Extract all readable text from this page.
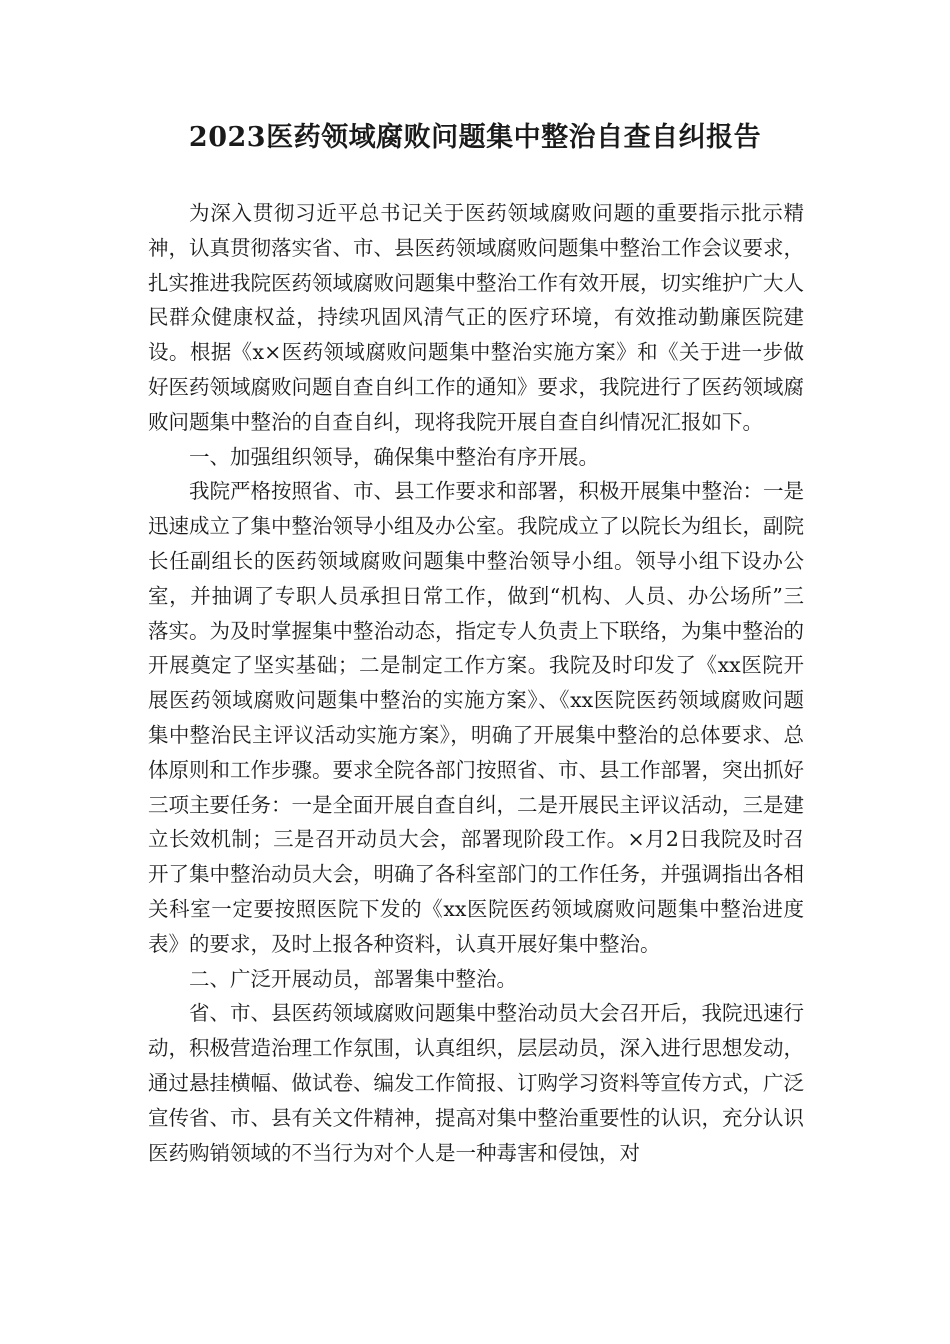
2023医药领域腐败问题集中整治自查自纠报告

为深入贯彻习近平总书记关于医药领域腐败问题的重要指示批示精神，认真贯彻落实省、市、县医药领域腐败问题集中整治工作会议要求，扎实推进我院医药领域腐败问题集中整治工作有效开展，切实维护广大人民群众健康权益，持续巩固风清气正的医疗环境，有效推动勤廉医院建设。根据《x×医药领域腐败问题集中整治实施方案》和《关于进一步做好医药领域腐败问题自查自纠工作的通知》要求，我院进行了医药领域腐败问题集中整治的自查自纠，现将我院开展自查自纠情况汇报如下。

一、加强组织领导，确保集中整治有序开展。

我院严格按照省、市、县工作要求和部署，积极开展集中整治：一是迅速成立了集中整治领导小组及办公室。我院成立了以院长为组长，副院长任副组长的医药领域腐败问题集中整治领导小组。领导小组下设办公室，并抽调了专职人员承担日常工作，做到“机构、人员、办公场所”三落实。为及时掌握集中整治动态，指定专人负责上下联络，为集中整治的开展奠定了坚实基础；二是制定工作方案。我院及时印发了《xx医院开展医药领域腐败问题集中整治的实施方案》、《xx医院医药领域腐败问题集中整治民主评议活动实施方案》，明确了开展集中整治的总体要求、总体原则和工作步骤。要求全院各部门按照省、市、县工作部署，突出抓好三项主要任务：一是全面开展自查自纠，二是开展民主评议活动，三是建立长效机制；三是召开动员大会，部署现阶段工作。×月2日我院及时召开了集中整治动员大会，明确了各科室部门的工作任务，并强调指出各相关科室一定要按照医院下发的《xx医院医药领域腐败问题集中整治进度表》的要求，及时上报各种资料，认真开展好集中整治。

二、广泛开展动员，部署集中整治。

省、市、县医药领域腐败问题集中整治动员大会召开后，我院迅速行动，积极营造治理工作氛围，认真组织，层层动员，深入进行思想发动，通过悬挂横幅、做试卷、编发工作简报、订购学习资料等宣传方式，广泛宣传省、市、县有关文件精神，提高对集中整治重要性的认识，充分认识医药购销领域的不当行为对个人是一种毒害和侵蚀，对
